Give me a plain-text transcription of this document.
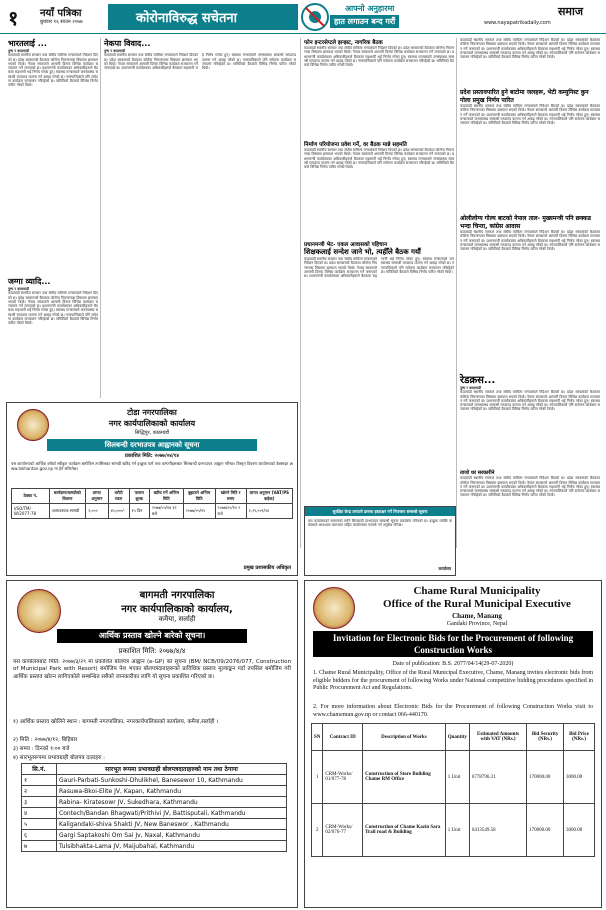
१ नयाँ पत्रिका
बुधवार १६ साउन २०७७	कोरोनाविरुद्ध सचेतना
आफ्नो अनुहारमा
हात लगाउन बन्द गरौं
समाज
www.nayapatrikadaily.com
भारतलाई ...
पुष्प र काठमाडौं
काठमाडौं स्थानीय सरकार तथा संघीय मामिला मन्त्रालयले निर्देशन दिएको छ। प्रदेश सरकारको बैठकमा कोरोना नियन्त्रणका विषयमा छलफल भएको थियो। नेपाल सरकारले आगामी दिनमा विभिन्न कार्यक्रम सञ्चालन गर्ने जनाएको छ। प्रधानमन्त्री कार्यालयका अधिकारीहरूले बैठकमा सहभागी भई निर्णय गरेका हुन्। स्वास्थ्य मन्त्रालयले जनस्वास्थ्य सम्बन्धी मापदण्ड पालना गर्न आग्रह गरेको छ। नगरपालिकाले पनि सचेतना कार्यक्रम सञ्चालन गरिरहेको छ। समितिको बैठकले विभिन्न निर्णय पारित गरेको थियो।
जग्गा व्यादि...
पुष्प र काठमाडौं
काठमाडौं स्थानीय सरकार तथा संघीय मामिला मन्त्रालयले निर्देशन दिएको छ। प्रदेश सरकारको बैठकमा कोरोना नियन्त्रणका विषयमा छलफल भएको थियो। नेपाल सरकारले आगामी दिनमा विभिन्न कार्यक्रम सञ्चालन गर्ने जनाएको छ। प्रधानमन्त्री कार्यालयका अधिकारीहरूले बैठकमा सहभागी भई निर्णय गरेका हुन्। स्वास्थ्य मन्त्रालयले जनस्वास्थ्य सम्बन्धी मापदण्ड पालना गर्न आग्रह गरेको छ। नगरपालिकाले पनि सचेतना कार्यक्रम सञ्चालन गरिरहेको छ। समितिको बैठकले विभिन्न निर्णय पारित गरेको थियो।
नेकपा विवाद...
पुष्प र काठमाडौं
काठमाडौं स्थानीय सरकार तथा संघीय मामिला मन्त्रालयले निर्देशन दिएको छ। प्रदेश सरकारको बैठकमा कोरोना नियन्त्रणका विषयमा छलफल भएको थियो। नेपाल सरकारले आगामी दिनमा विभिन्न कार्यक्रम सञ्चालन गर्ने जनाएको छ। प्रधानमन्त्री कार्यालयका अधिकारीहरूले बैठकमा सहभागी भई निर्णय गरेका हुन्। स्वास्थ्य मन्त्रालयले जनस्वास्थ्य सम्बन्धी मापदण्ड पालना गर्न आग्रह गरेको छ। नगरपालिकाले पनि सचेतना कार्यक्रम सञ्चालन गरिरहेको छ। समितिको बैठकले विभिन्न निर्णय पारित गरेको थियो।
फोन इन्टरसेप्टले झन्झट, नागरिक बैठक
काठमाडौं स्थानीय सरकार तथा संघीय मामिला मन्त्रालयले निर्देशन दिएको छ। प्रदेश सरकारको बैठकमा कोरोना नियन्त्रणका विषयमा छलफल भएको थियो। नेपाल सरकारले आगामी दिनमा विभिन्न कार्यक्रम सञ्चालन गर्ने जनाएको छ। प्रधानमन्त्री कार्यालयका अधिकारीहरूले बैठकमा सहभागी भई निर्णय गरेका हुन्। स्वास्थ्य मन्त्रालयले जनस्वास्थ्य सम्बन्धी मापदण्ड पालना गर्न आग्रह गरेको छ। नगरपालिकाले पनि सचेतना कार्यक्रम सञ्चालन गरिरहेको छ। समितिको बैठकले विभिन्न निर्णय पारित गरेको थियो।
निर्माण परियोजना प्रवेश गर्ने, वर बैठक मान्ने सहमति
काठमाडौं स्थानीय सरकार तथा संघीय मामिला मन्त्रालयले निर्देशन दिएको छ। प्रदेश सरकारको बैठकमा कोरोना नियन्त्रणका विषयमा छलफल भएको थियो। नेपाल सरकारले आगामी दिनमा विभिन्न कार्यक्रम सञ्चालन गर्ने जनाएको छ। प्रधानमन्त्री कार्यालयका अधिकारीहरूले बैठकमा सहभागी भई निर्णय गरेका हुन्। स्वास्थ्य मन्त्रालयले जनस्वास्थ्य सम्बन्धी मापदण्ड पालना गर्न आग्रह गरेको छ। नगरपालिकाले पनि सचेतना कार्यक्रम सञ्चालन गरिरहेको छ। समितिको बैठकले विभिन्न निर्णय पारित गरेको थियो।
प्रधानमन्त्री भेट- एकल आवासको पहिचान
शिक्षकलाई सन्देश जाने भो, त्यहीँले बैठक गर्यौ
काठमाडौं स्थानीय सरकार तथा संघीय मामिला मन्त्रालयले निर्देशन दिएको छ। प्रदेश सरकारको बैठकमा कोरोना नियन्त्रणका विषयमा छलफल भएको थियो। नेपाल सरकारले आगामी दिनमा विभिन्न कार्यक्रम सञ्चालन गर्ने जनाएको छ। प्रधानमन्त्री कार्यालयका अधिकारीहरूले बैठकमा सहभागी भई निर्णय गरेका हुन्। स्वास्थ्य मन्त्रालयले जनस्वास्थ्य सम्बन्धी मापदण्ड पालना गर्न आग्रह गरेको छ। नगरपालिकाले पनि सचेतना कार्यक्रम सञ्चालन गरिरहेको छ। समितिको बैठकले विभिन्न निर्णय पारित गरेको थियो।
काठमाडौं स्थानीय सरकार तथा संघीय मामिला मन्त्रालयले निर्देशन दिएको छ। प्रदेश सरकारको बैठकमा कोरोना नियन्त्रणका विषयमा छलफल भएको थियो। नेपाल सरकारले आगामी दिनमा विभिन्न कार्यक्रम सञ्चालन गर्ने जनाएको छ। प्रधानमन्त्री कार्यालयका अधिकारीहरूले बैठकमा सहभागी भई निर्णय गरेका हुन्। स्वास्थ्य मन्त्रालयले जनस्वास्थ्य सम्बन्धी मापदण्ड पालना गर्न आग्रह गरेको छ। नगरपालिकाले पनि सचेतना कार्यक्रम सञ्चालन गरिरहेको छ। समितिको बैठकले विभिन्न निर्णय पारित गरेको थियो।
प्रदेश प्रस्तावपारित हुने बाटोमा जलहरू, भेटी कम्युनिस्ट कुन गोला प्रमुख निर्णय पारित
काठमाडौं स्थानीय सरकार तथा संघीय मामिला मन्त्रालयले निर्देशन दिएको छ। प्रदेश सरकारको बैठकमा कोरोना नियन्त्रणका विषयमा छलफल भएको थियो। नेपाल सरकारले आगामी दिनमा विभिन्न कार्यक्रम सञ्चालन गर्ने जनाएको छ। प्रधानमन्त्री कार्यालयका अधिकारीहरूले बैठकमा सहभागी भई निर्णय गरेका हुन्। स्वास्थ्य मन्त्रालयले जनस्वास्थ्य सम्बन्धी मापदण्ड पालना गर्न आग्रह गरेको छ। नगरपालिकाले पनि सचेतना कार्यक्रम सञ्चालन गरिरहेको छ। समितिको बैठकले विभिन्न निर्णय पारित गरेको थियो।
ओलीलोग्य गोल्य बाटको नेपाल ताल- मुख्यमन्त्री पनि छक्कड भन्दा चिन्ता, कांग्रेस आवास
काठमाडौं स्थानीय सरकार तथा संघीय मामिला मन्त्रालयले निर्देशन दिएको छ। प्रदेश सरकारको बैठकमा कोरोना नियन्त्रणका विषयमा छलफल भएको थियो। नेपाल सरकारले आगामी दिनमा विभिन्न कार्यक्रम सञ्चालन गर्ने जनाएको छ। प्रधानमन्त्री कार्यालयका अधिकारीहरूले बैठकमा सहभागी भई निर्णय गरेका हुन्। स्वास्थ्य मन्त्रालयले जनस्वास्थ्य सम्बन्धी मापदण्ड पालना गर्न आग्रह गरेको छ। नगरपालिकाले पनि सचेतना कार्यक्रम सञ्चालन गरिरहेको छ। समितिको बैठकले विभिन्न निर्णय पारित गरेको थियो।
रेडक्रस...
पुष्प र काठमाडौं
काठमाडौं स्थानीय सरकार तथा संघीय मामिला मन्त्रालयले निर्देशन दिएको छ। प्रदेश सरकारको बैठकमा कोरोना नियन्त्रणका विषयमा छलफल भएको थियो। नेपाल सरकारले आगामी दिनमा विभिन्न कार्यक्रम सञ्चालन गर्ने जनाएको छ। प्रधानमन्त्री कार्यालयका अधिकारीहरूले बैठकमा सहभागी भई निर्णय गरेका हुन्। स्वास्थ्य मन्त्रालयले जनस्वास्थ्य सम्बन्धी मापदण्ड पालना गर्न आग्रह गरेको छ। नगरपालिकाले पनि सचेतना कार्यक्रम सञ्चालन गरिरहेको छ। समितिको बैठकले विभिन्न निर्णय पारित गरेको थियो।
ताजो धर सरकारीने
काठमाडौं स्थानीय सरकार तथा संघीय मामिला मन्त्रालयले निर्देशन दिएको छ। प्रदेश सरकारको बैठकमा कोरोना नियन्त्रणका विषयमा छलफल भएको थियो। नेपाल सरकारले आगामी दिनमा विभिन्न कार्यक्रम सञ्चालन गर्ने जनाएको छ। प्रधानमन्त्री कार्यालयका अधिकारीहरूले बैठकमा सहभागी भई निर्णय गरेका हुन्। स्वास्थ्य मन्त्रालयले जनस्वास्थ्य सम्बन्धी मापदण्ड पालना गर्न आग्रह गरेको छ। नगरपालिकाले पनि सचेतना कार्यक्रम सञ्चालन गरिरहेको छ। समितिको बैठकले विभिन्न निर्णय पारित गरेको थियो।
टोडा नगरपालिका
नगर कार्यपालिकाको कार्यालय
सिद्धिपुर, काठमाडौं
सिलबन्दी दरभाउपत्र आह्वानको सूचना
प्रकाशित मिति: २०७७/०४/१४
यस कार्यालयको आर्थिक वर्षको स्वीकृत कार्यक्रम बमोजिम तपसिलका सामग्री खरिद गर्न इच्छुक फर्म तथा कम्पनीहरूबाट सिलबन्दी दरभाउपत्र आह्वान गरिन्छ। विस्तृत विवरण कार्यालयको वेबसाइट www.lokhantan.gov.np मा हेर्न सकिनेछ।
ठेक्का नं.	कार्यक्रम/सामग्रीको विवरण	लागत अनुमान	धरौटी रकम	फाराम शुल्क	खरिद गर्ने अन्तिम मिति	बुझाउने अन्तिम मिति	खोल्ने मिति र समय	लागत अनुमान (VAT/PS बाहेक)
I/SO/TM/ W/2077-78	अत्यावश्यक सामग्री	२,०००	४५,०००/-	१५ दिन	२०७७/०५/१४ १२ बजे	२०७७/०५/१५	२०७७/०५/१५ २ बजे	१,२९,००९/२४
प्रमुख प्रशासकीय अधिकृत
सुरक्षित केन्द्र लगाउने क्रममा हस्ताक्षर गर्ने नियन्त्रण सम्बन्धी सूचना
यस कार्यालयको सामानको लागि सिलबन्दी दरभाउपत्र सम्बन्धी सूचना प्रकाशित गरिएको छ। इच्छुक व्यक्ति वा संस्थाले आवश्यक कागजात सहित कार्यालयमा सम्पर्क गर्न अनुरोध गरिन्छ।
कार्यालय
बागमती नगरपालिका
नगर कार्यपालिकाको कार्यालय,
कमैया, सर्लाही
आर्थिक प्रस्ताव खोल्ने बारेको सूचना।
प्रकाशित मिति: २०७७/४/४
यस कार्यालयबाट मिति: २०७७/३/२९ मा प्रकाशित बोलपत्र आह्वान (e-GP) को सूचना (BM/ NCB/09/2076/077, Construction of Municipal Park with Resort) बमोजिम पेश भएका बोलपत्रदाताहरूको प्राविधिक प्रस्ताव मूल्याङ्कन गर्दा तपसिल बमोजिम गरी आर्थिक प्रस्ताव खोल्न लागिएकोले सम्बन्धित सबैको जानकारीका लागि यो सूचना प्रकाशित गरिएको छ।
१) आर्थिक प्रस्ताव खोलिने स्थान : बागमती नगरपालिका, नगरकार्यपालिकाको कार्यालय, कमैया,सर्लाही ।
२) मिति : २०७७/४/१२, बिहिबार
३) समय : दिनको १:०० बजे
४) सारभूतरूपमा प्रभावग्राही बोलपत्र दाताहरु :
सि.नं.	सारभूत रूपमा प्रभावग्राही बोलपत्रदाताहरुको नाम तथा ठेगाना
१	Gauri-Parbati-Sunkoshi-Dhulikhel, Banesewor 10, Kathmandu
२	Rasuwa-Bkoi-Elite JV, Kapan, Kathmandu
३	Rabina- Kiratesowr JV, Sukedhara, Kathmandu
४	Contech/Bandan Bhagwati/Prithivi JV, Battisputali, Kathmandu
५	Kaligandaki-shiva Shakti JV, New Baneswor , Kathmandu
६	Gargi Saptakoshi Om Sai Jv, Naxal, Kathmandu
७	Tulsibhakta-Lama JV, Maijubahal, Kathmandu
Chame Rural Municipality
Office of the Rural Municipal Executive
Chame, Manang
Gandaki Province, Nepal
Invitation for Electronic Bids for the Procurement of following Construction Works
Date of publication: B.S. 2077/04/14(29-07-2020)
1. Chame Rural Municipality, Office of the Rural Municipal Executive, Chame, Manang invites electronic bids from eligible bidders for the procurement of following Works under National competitive bidding procedures specified in Public Procurement Act and Regulations.
2. For more information about Electronic Bids for the Procurement of following Construction Works visit to www.chamemun.gov.np or contact 066-440170.
SN	Contract ID	Description of Works	Quantity	Estimated Amounts with VAT (NRs.)	Bid Security (NRs.)	Bid Price (NRs.)
1	CRM-Works/ 01/077-78	Construction of Store Building Chame RM Office	1 Unit	6778796.31	170000.00	3000.00
2	CRM-Works/ 02/076-77	Construction of Chame Kazin Sara Trail road & Building	1 Unit	6413549.58	170000.00	3000.00
